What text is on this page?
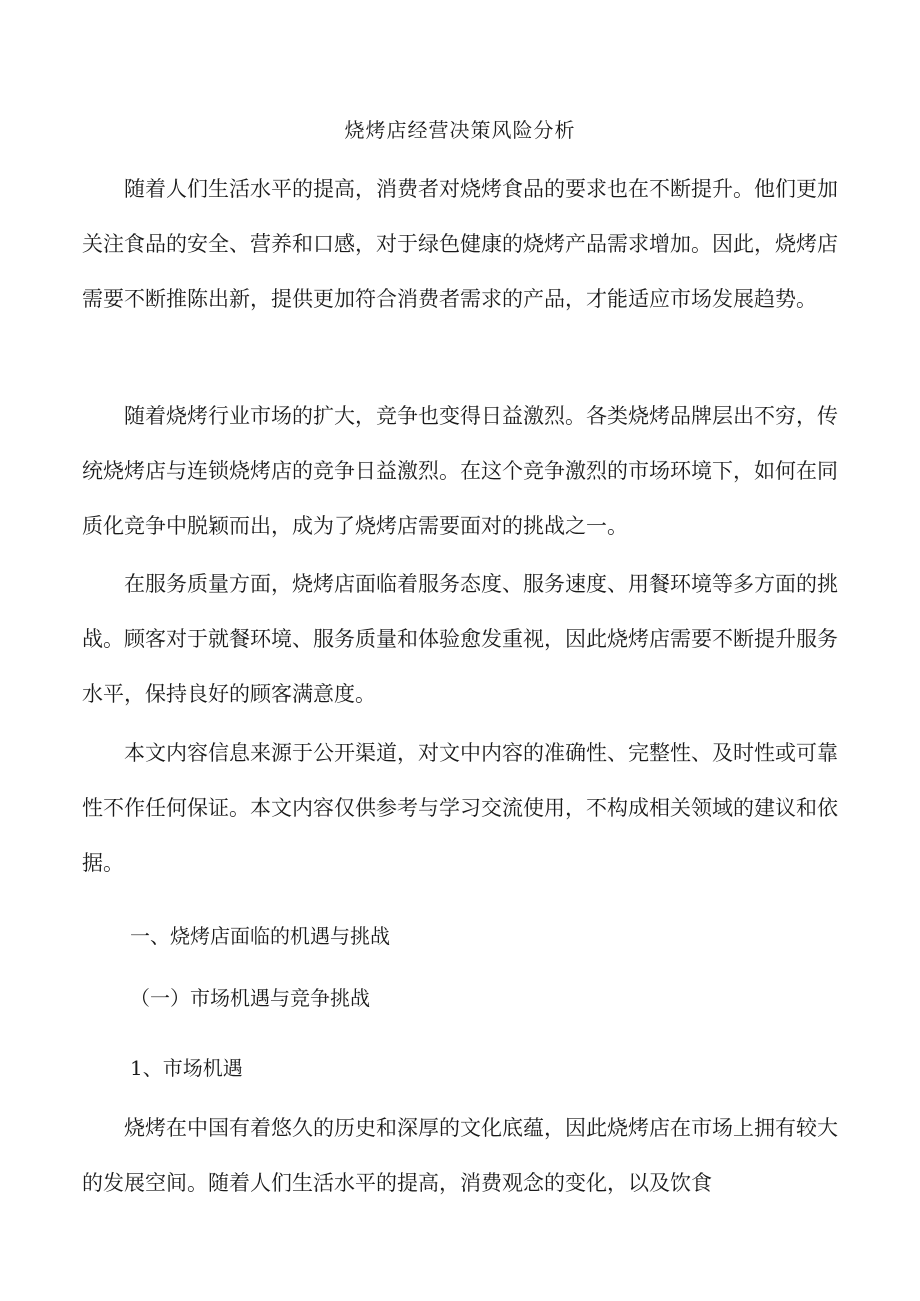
烧烤店经营决策风险分析

随着人们生活水平的提高，消费者对烧烤食品的要求也在不断提升。他们更加关注食品的安全、营养和口感，对于绿色健康的烧烤产品需求增加。因此，烧烤店需要不断推陈出新，提供更加符合消费者需求的产品，才能适应市场发展趋势。

随着烧烤行业市场的扩大，竞争也变得日益激烈。各类烧烤品牌层出不穷，传统烧烤店与连锁烧烤店的竞争日益激烈。在这个竞争激烈的市场环境下，如何在同质化竞争中脱颖而出，成为了烧烤店需要面对的挑战之一。

在服务质量方面，烧烤店面临着服务态度、服务速度、用餐环境等多方面的挑战。顾客对于就餐环境、服务质量和体验愈发重视，因此烧烤店需要不断提升服务水平，保持良好的顾客满意度。

本文内容信息来源于公开渠道，对文中内容的准确性、完整性、及时性或可靠性不作任何保证。本文内容仅供参考与学习交流使用，不构成相关领域的建议和依据。

一、烧烤店面临的机遇与挑战
（一）市场机遇与竞争挑战
1、市场机遇

烧烤在中国有着悠久的历史和深厚的文化底蕴，因此烧烤店在市场上拥有较大的发展空间。随着人们生活水平的提高，消费观念的变化，以及饮食
